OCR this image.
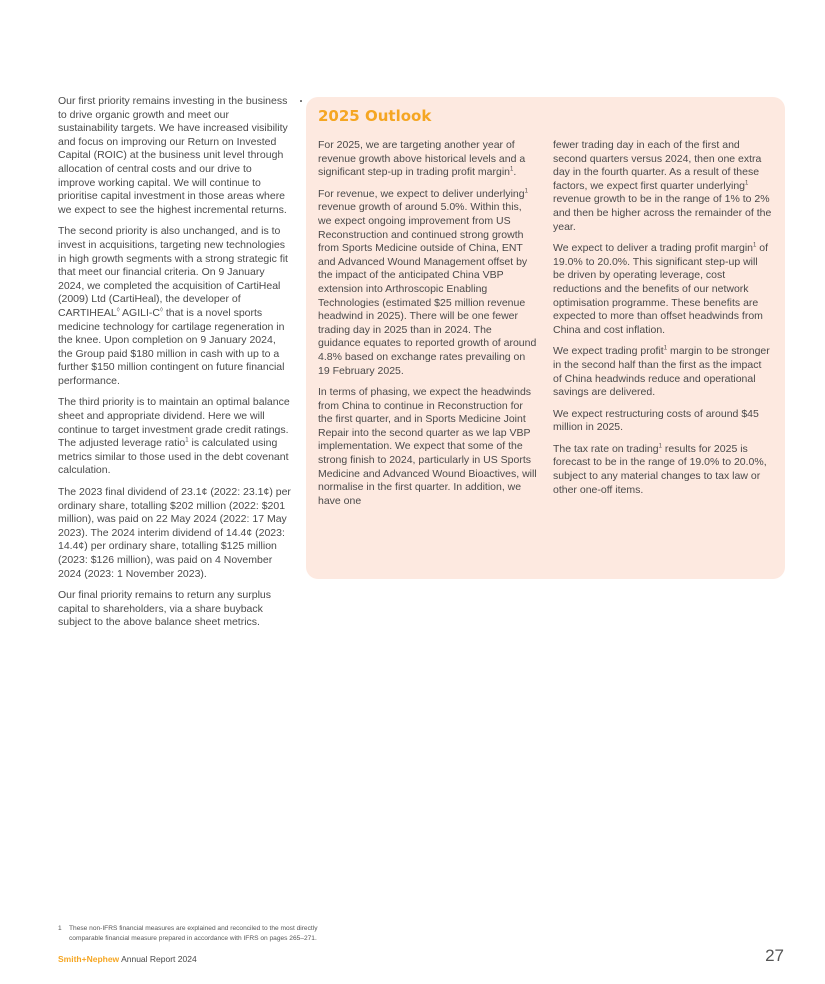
Our first priority remains investing in the business to drive organic growth and meet our sustainability targets. We have increased visibility and focus on improving our Return on Invested Capital (ROIC) at the business unit level through allocation of central costs and our drive to improve working capital. We will continue to prioritise capital investment in those areas where we expect to see the highest incremental returns.

The second priority is also unchanged, and is to invest in acquisitions, targeting new technologies in high growth segments with a strong strategic fit that meet our financial criteria. On 9 January 2024, we completed the acquisition of CartiHeal (2009) Ltd (CartiHeal), the developer of CARTIHEAL◊ AGILI-C◊ that is a novel sports medicine technology for cartilage regeneration in the knee. Upon completion on 9 January 2024, the Group paid $180 million in cash with up to a further $150 million contingent on future financial performance.

The third priority is to maintain an optimal balance sheet and appropriate dividend. Here we will continue to target investment grade credit ratings. The adjusted leverage ratio$^1$ is calculated using metrics similar to those used in the debt covenant calculation.

The 2023 final dividend of 23.1¢ (2022: 23.1¢) per ordinary share, totalling $202 million (2022: $201 million), was paid on 22 May 2024 (2022: 17 May 2023). The 2024 interim dividend of 14.4¢ (2023: 14.4¢) per ordinary share, totalling $125 million (2023: $126 million), was paid on 4 November 2024 (2023: 1 November 2023).

Our final priority remains to return any surplus capital to shareholders, via a share buyback subject to the above balance sheet metrics.

2025 Outlook

For 2025, we are targeting another year of revenue growth above historical levels and a significant step-up in trading profit margin$^1$.

For revenue, we expect to deliver underlying$^1$ revenue growth of around 5.0%. Within this, we expect ongoing improvement from US Reconstruction and continued strong growth from Sports Medicine outside of China, ENT and Advanced Wound Management offset by the impact of the anticipated China VBP extension into Arthroscopic Enabling Technologies (estimated $25 million revenue headwind in 2025). There will be one fewer trading day in 2025 than in 2024. The guidance equates to reported growth of around 4.8% based on exchange rates prevailing on 19 February 2025.

In terms of phasing, we expect the headwinds from China to continue in Reconstruction for the first quarter, and in Sports Medicine Joint Repair into the second quarter as we lap VBP implementation. We expect that some of the strong finish to 2024, particularly in US Sports Medicine and Advanced Wound Bioactives, will normalise in the first quarter. In addition, we have one

fewer trading day in each of the first and second quarters versus 2024, then one extra day in the fourth quarter. As a result of these factors, we expect first quarter underlying$^1$ revenue growth to be in the range of 1% to 2% and then be higher across the remainder of the year.

We expect to deliver a trading profit margin$^1$ of 19.0% to 20.0%. This significant step-up will be driven by operating leverage, cost reductions and the benefits of our network optimisation programme. These benefits are expected to more than offset headwinds from China and cost inflation.

We expect trading profit$^1$ margin to be stronger in the second half than the first as the impact of China headwinds reduce and operational savings are delivered.

We expect restructuring costs of around $45 million in 2025.

The tax rate on trading$^1$ results for 2025 is forecast to be in the range of 19.0% to 20.0%, subject to any material changes to tax law or other one-off items.

1 These non-IFRS financial measures are explained and reconciled to the most directly
comparable financial measure prepared in accordance with IFRS on pages 265–271.
Smith+Nephew Annual Report 2024	27
